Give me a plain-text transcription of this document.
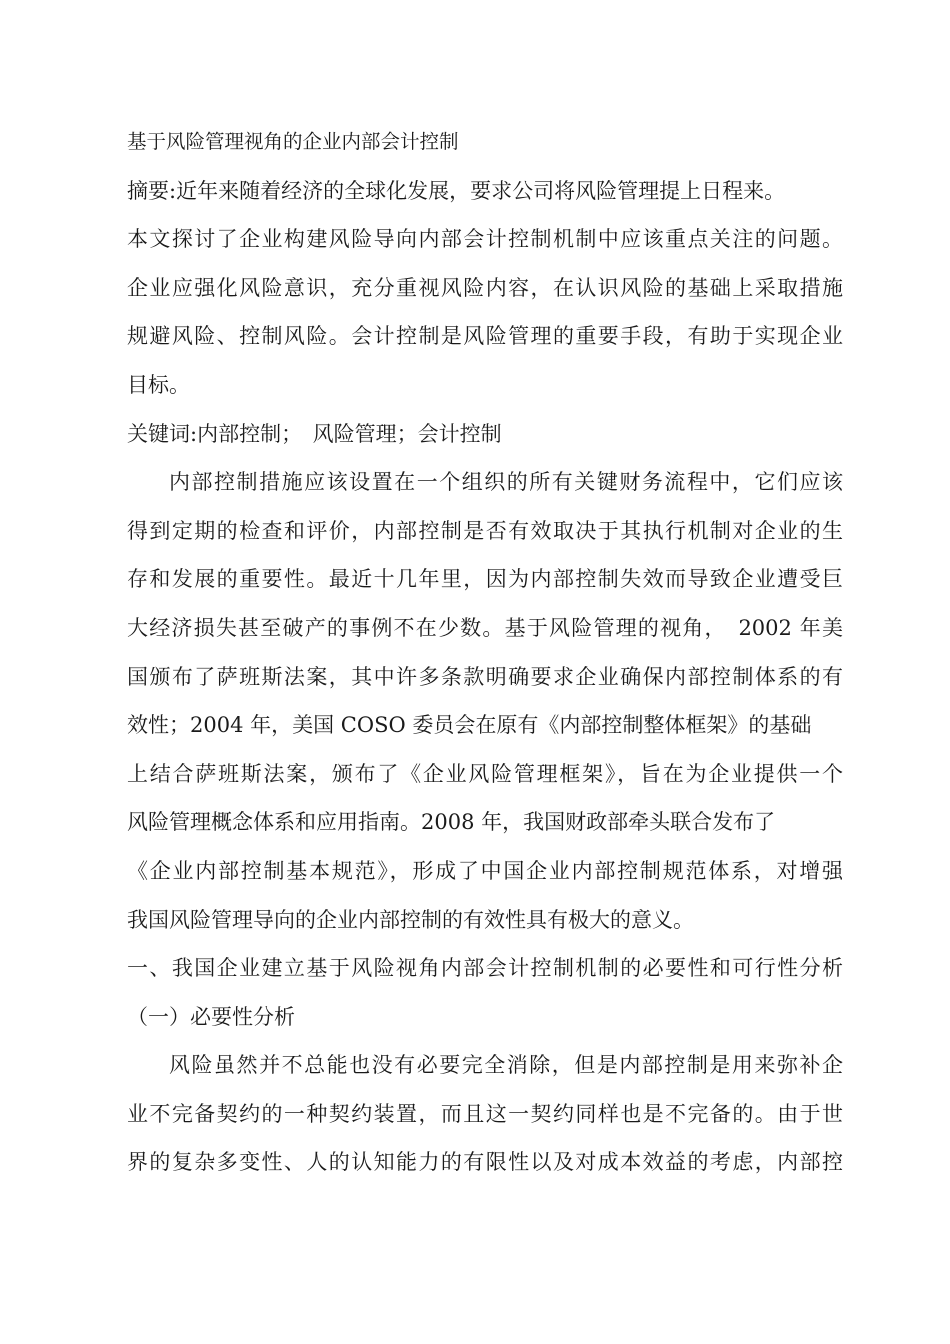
基于风险管理视角的企业内部会计控制
摘要:近年来随着经济的全球化发展，要求公司将风险管理提上日程来。
本文探讨了企业构建风险导向内部会计控制机制中应该重点关注的问题。
企业应强化风险意识，充分重视风险内容，在认识风险的基础上采取措施
规避风险、控制风险。会计控制是风险管理的重要手段，有助于实现企业
目标。
关键词:内部控制；　风险管理；会计控制
内部控制措施应该设置在一个组织的所有关键财务流程中，它们应该
得到定期的检查和评价，内部控制是否有效取决于其执行机制对企业的生
存和发展的重要性。最近十几年里，因为内部控制失效而导致企业遭受巨
大经济损失甚至破产的事例不在少数。基于风险管理的视角，　2002 年美
国颁布了萨班斯法案，其中许多条款明确要求企业确保内部控制体系的有
效性；2004 年，美国 COSO 委员会在原有《内部控制整体框架》的基础
上结合萨班斯法案，颁布了《企业风险管理框架》，旨在为企业提供一个
风险管理概念体系和应用指南。2008 年，我国财政部牵头联合发布了
《企业内部控制基本规范》，形成了中国企业内部控制规范体系，对增强
我国风险管理导向的企业内部控制的有效性具有极大的意义。
一、我国企业建立基于风险视角内部会计控制机制的必要性和可行性分析
（一）必要性分析
风险虽然并不总能也没有必要完全消除，但是内部控制是用来弥补企
业不完备契约的一种契约装置，而且这一契约同样也是不完备的。由于世
界的复杂多变性、人的认知能力的有限性以及对成本效益的考虑，内部控
